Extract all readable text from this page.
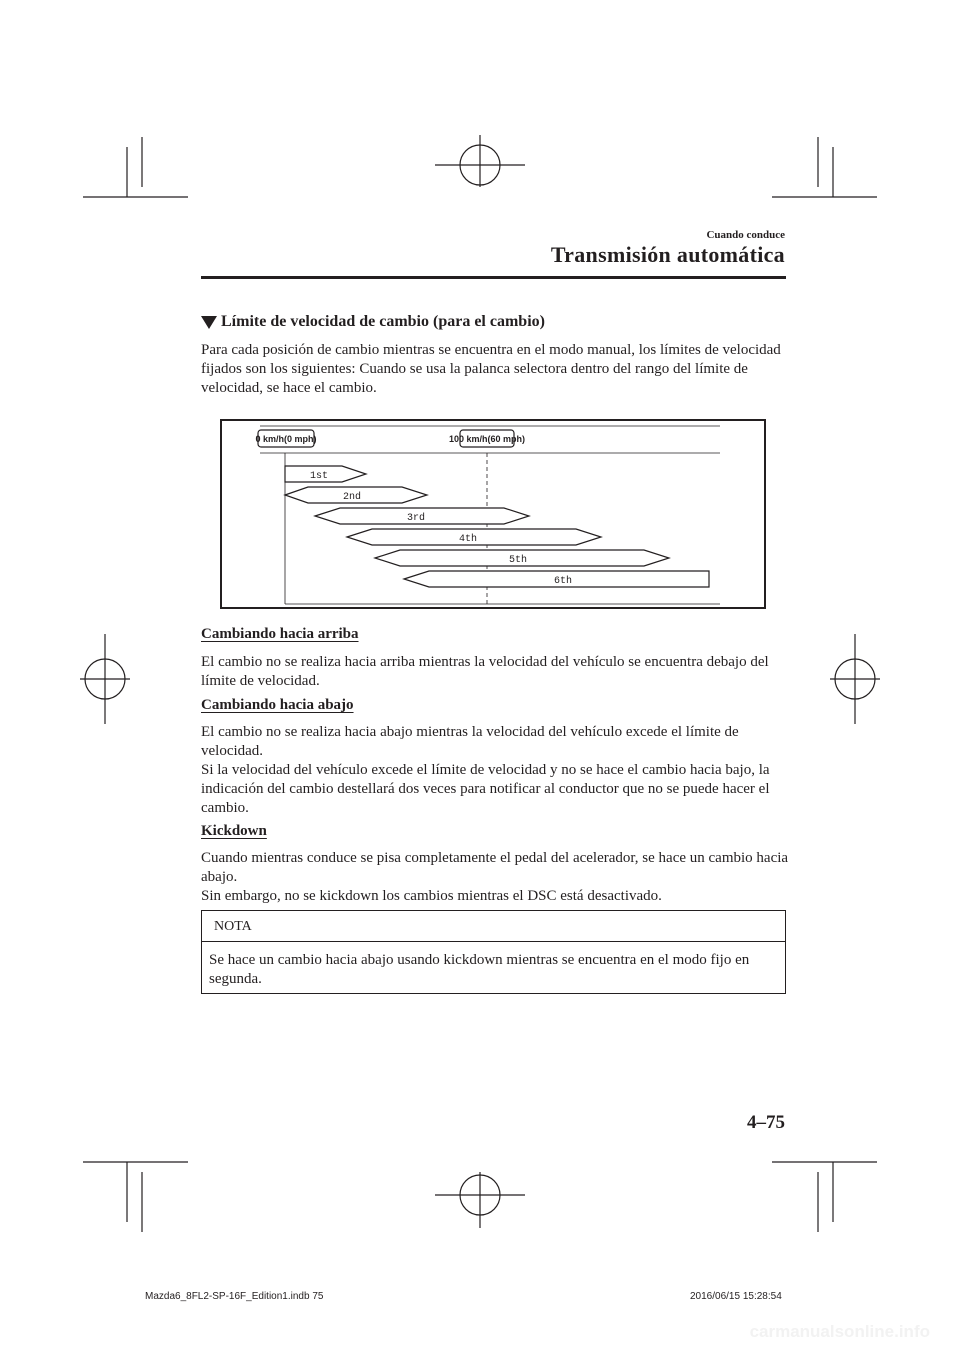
Cuando conduce
Transmisión automática
Límite de velocidad de cambio (para el cambio)
Para cada posición de cambio mientras se encuentra en el modo manual, los límites de velocidad fijados son los siguientes: Cuando se usa la palanca selectora dentro del rango del límite de velocidad, se hace el cambio.
0 km/h(0 mph)	100 km/h(60 mph)
1st
2nd
3rd
4th
5th
6th
Cambiando hacia arriba
El cambio no se realiza hacia arriba mientras la velocidad del vehículo se encuentra debajo del límite de velocidad.
Cambiando hacia abajo
El cambio no se realiza hacia abajo mientras la velocidad del vehículo excede el límite de velocidad.
Si la velocidad del vehículo excede el límite de velocidad y no se hace el cambio hacia bajo, la indicación del cambio destellará dos veces para notificar al conductor que no se puede hacer el cambio.
Kickdown
Cuando mientras conduce se pisa completamente el pedal del acelerador, se hace un cambio hacia abajo.
Sin embargo, no se kickdown los cambios mientras el DSC está desactivado.
NOTA
Se hace un cambio hacia abajo usando kickdown mientras se encuentra en el modo fijo en segunda.
4–75
Mazda6_8FL2-SP-16F_Edition1.indb 75	2016/06/15 15:28:54
carmanualsonline.info
